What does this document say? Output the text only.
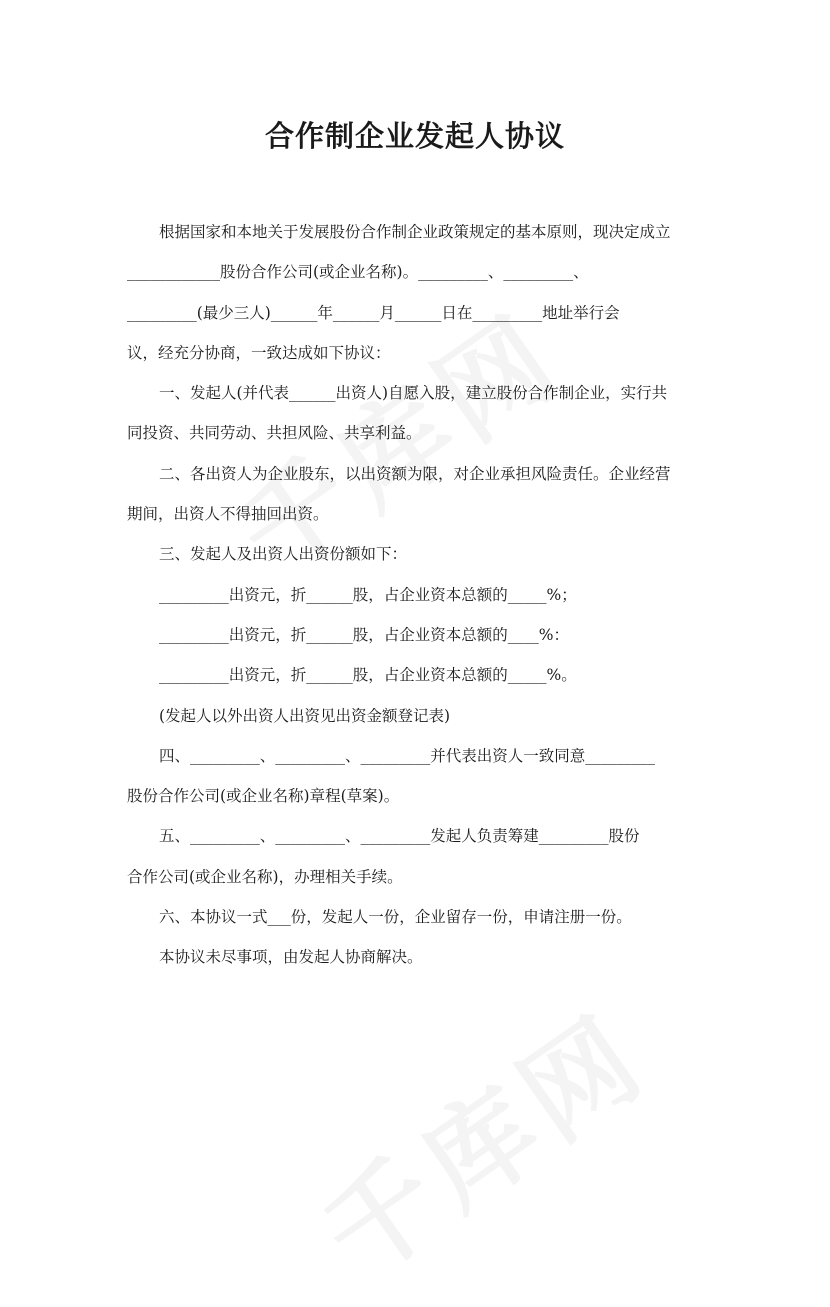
合作制企业发起人协议
根据国家和本地关于发展股份合作制企业政策规定的基本原则，现决定成立
____________股份合作公司(或企业名称)。_________、_________、
_________(最少三人)______年______月______日在_________地址举行会
议，经充分协商，一致达成如下协议：
一、发起人(并代表______出资人)自愿入股，建立股份合作制企业，实行共
同投资、共同劳动、共担风险、共享利益。
二、各出资人为企业股东，以出资额为限，对企业承担风险责任。企业经营
期间，出资人不得抽回出资。
三、发起人及出资人出资份额如下：
_________出资元，折______股，占企业资本总额的_____%；
_________出资元，折______股，占企业资本总额的____%：
_________出资元，折______股，占企业资本总额的_____%。
(发起人以外出资人出资见出资金额登记表)
四、_________、_________、_________并代表出资人一致同意_________
股份合作公司(或企业名称)章程(草案)。
五、_________、_________、_________发起人负责筹建_________股份
合作公司(或企业名称)，办理相关手续。
六、本协议一式___份，发起人一份，企业留存一份，申请注册一份。
本协议未尽事项，由发起人协商解决。
